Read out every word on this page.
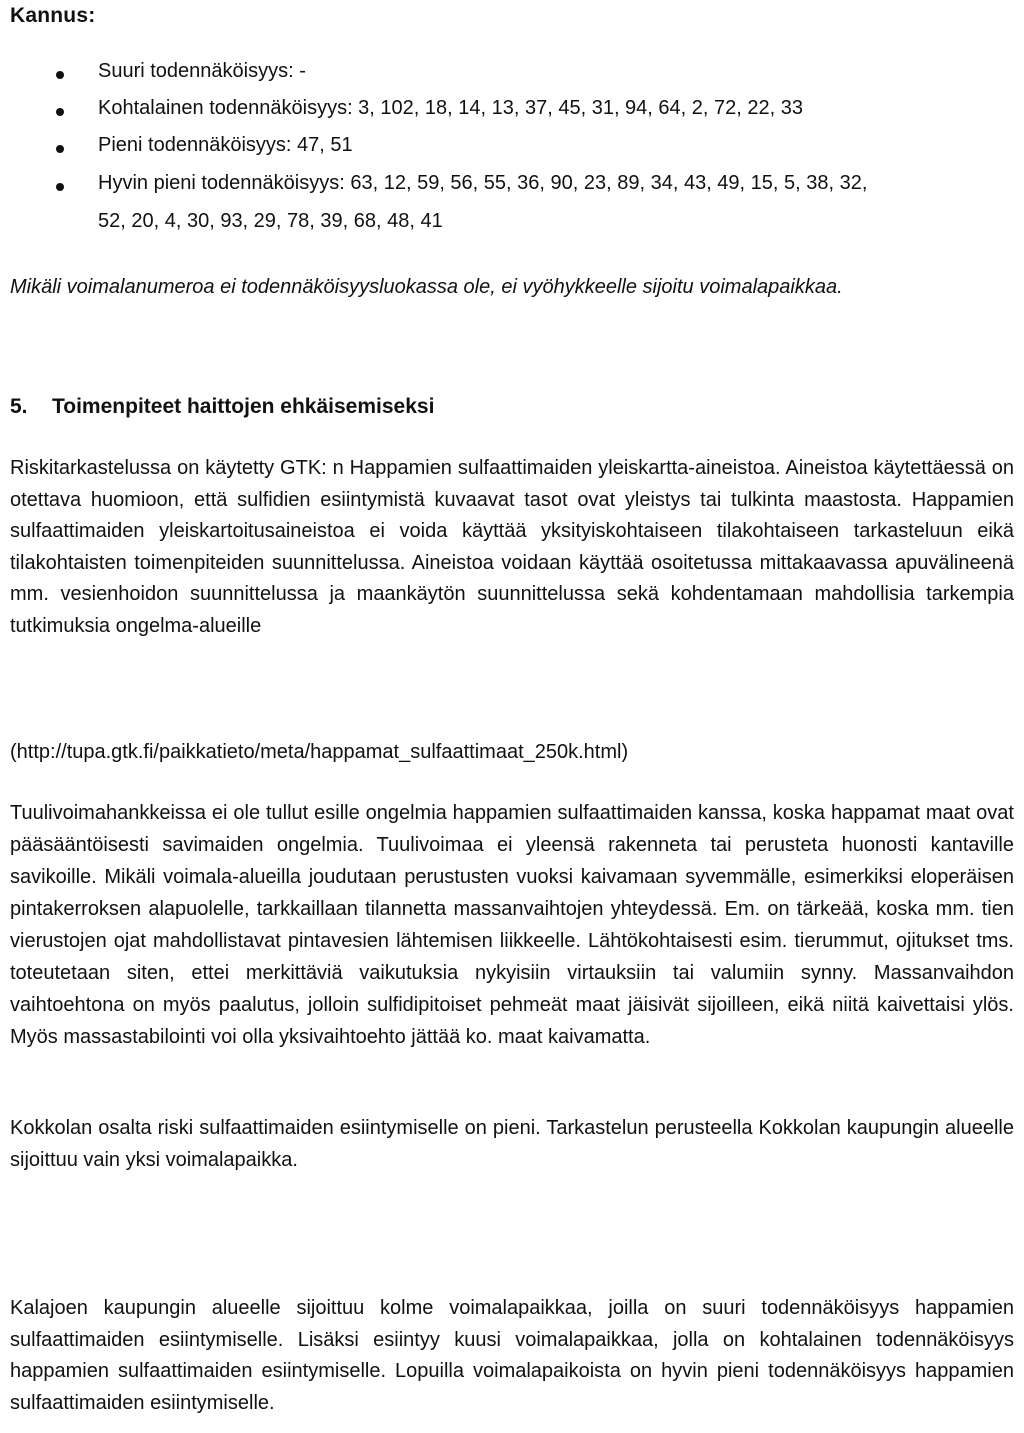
Kannus:
Suuri todennäköisyys: -
Kohtalainen todennäköisyys: 3, 102, 18, 14, 13, 37, 45, 31, 94, 64, 2, 72, 22, 33
Pieni todennäköisyys: 47, 51
Hyvin pieni todennäköisyys: 63, 12, 59, 56, 55, 36, 90, 23, 89, 34, 43, 49, 15, 5, 38, 32,
52, 20, 4, 30, 93, 29, 78, 39, 68, 48, 41
Mikäli voimalanumeroa ei todennäköisyysluokassa ole, ei vyöhykkeelle sijoitu voimalapaikkaa.
5. Toimenpiteet haittojen ehkäisemiseksi

Riskitarkastelussa on käytetty GTK: n Happamien sulfaattimaiden yleiskartta-aineistoa. Aineistoa käytettäessä on otettava huomioon, että sulfidien esiintymistä kuvaavat tasot ovat yleistys tai tulkinta maastosta. Happamien sulfaattimaiden yleiskartoitusaineistoa ei voida käyttää yksityiskohtaiseen tilakohtaiseen tarkasteluun eikä tilakohtaisten toimenpiteiden suunnittelussa. Aineistoa voidaan käyttää osoitetussa mittakaavassa apuvälineenä mm. vesienhoidon suunnittelussa ja maankäytön suunnittelussa sekä kohdentamaan mahdollisia tarkempia tutkimuksia ongelma-alueille

(http://tupa.gtk.fi/paikkatieto/meta/happamat_sulfaattimaat_250k.html)

Tuulivoimahankkeissa ei ole tullut esille ongelmia happamien sulfaattimaiden kanssa, koska happamat maat ovat pääsääntöisesti savimaiden ongelmia. Tuulivoimaa ei yleensä rakenneta tai perusteta huonosti kantaville savikoille. Mikäli voimala-alueilla joudutaan perustusten vuoksi kaivamaan syvemmälle, esimerkiksi eloperäisen pintakerroksen alapuolelle, tarkkaillaan tilannetta massanvaihtojen yhteydessä. Em. on tärkeää, koska mm. tien vierustojen ojat mahdollistavat pintavesien lähtemisen liikkeelle. Lähtökohtaisesti esim. tierummut, ojitukset tms. toteutetaan siten, ettei merkittäviä vaikutuksia nykyisiin virtauksiin tai valumiin synny. Massanvaihdon vaihtoehtona on myös paalutus, jolloin sulfidipitoiset pehmeät maat jäisivät sijoilleen, eikä niitä kaivettaisi ylös. Myös massastabilointi voi olla yksivaihtoehto jättää ko. maat kaivamatta.

Kokkolan osalta riski sulfaattimaiden esiintymiselle on pieni. Tarkastelun perusteella Kokkolan kaupungin alueelle sijoittuu vain yksi voimalapaikka.

Kalajoen kaupungin alueelle sijoittuu kolme voimalapaikkaa, joilla on suuri todennäköisyys happamien sulfaattimaiden esiintymiselle. Lisäksi esiintyy kuusi voimalapaikkaa, jolla on kohtalainen todennäköisyys happamien sulfaattimaiden esiintymiselle. Lopuilla voimalapaikoista on hyvin pieni todennäköisyys happamien sulfaattimaiden esiintymiselle.
